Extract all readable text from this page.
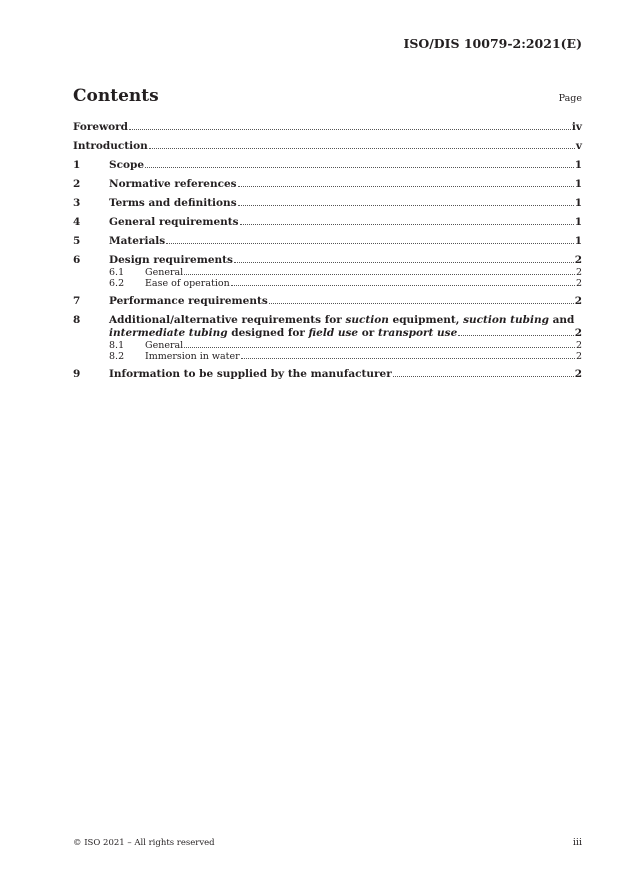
ISO/DIS 10079-2:2021(E)
Contents	Page
Foreword	iv
Introduction	v
1	Scope	1
2	Normative references	1
3	Terms and definitions	1
4	General requirements	1
5	Materials	1
6	Design requirements	2
6.1	General	2
6.2	Ease of operation	2
7	Performance requirements	2
8	Additional/alternative requirements for suction equipment, suction tubing and
intermediate tubing designed for field use or transport use	2
8.1	General	2
8.2	Immersion in water	2
9	Information to be supplied by the manufacturer	2
© ISO 2021 – All rights reserved	iii
